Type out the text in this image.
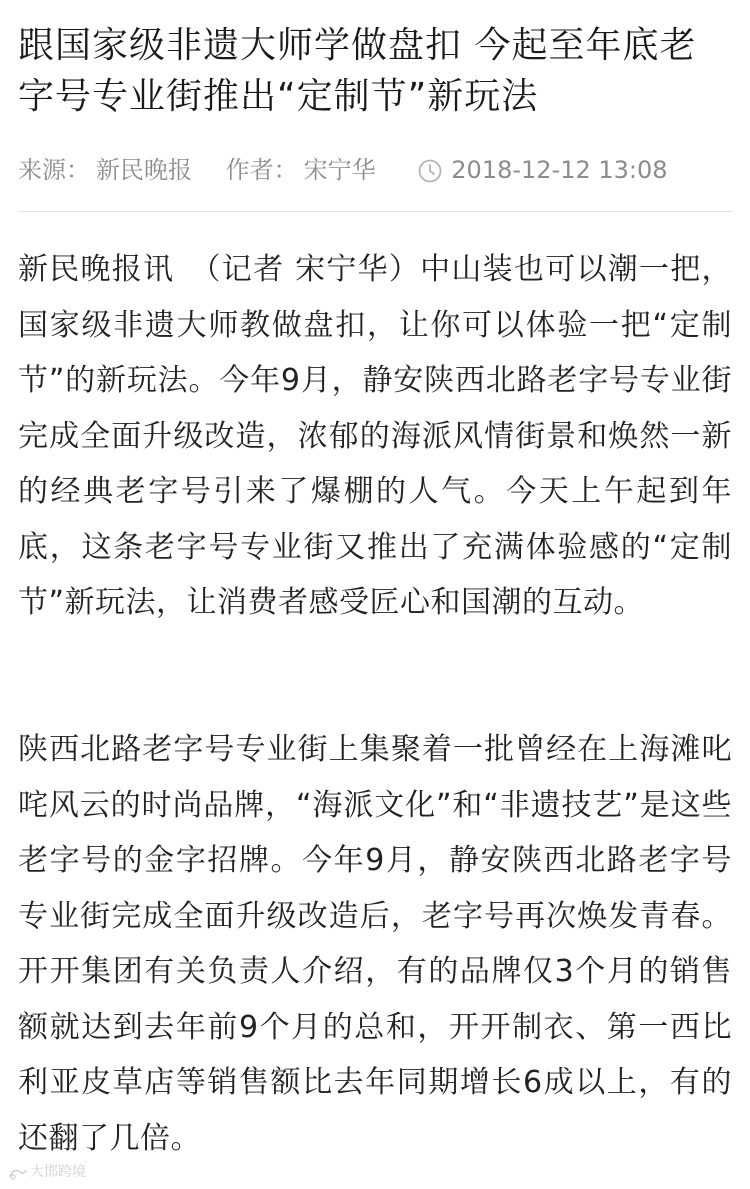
跟国家级非遗大师学做盘扣 今起至年底老字号专业街推出“定制节”新玩法
来源： 新民晚报 作者： 宋宁华	2018-12-12 13:08

新民晚报讯　（记者 宋宁华）中山装也可以潮一把，国家级非遗大师教做盘扣，让你可以体验一把“定制节”的新玩法。今年9月，静安陕西北路老字号专业街完成全面升级改造，浓郁的海派风情街景和焕然一新的经典老字号引来了爆棚的人气。今天上午起到年底，这条老字号专业街又推出了充满体验感的“定制节”新玩法，让消费者感受匠心和国潮的互动。

陕西北路老字号专业街上集聚着一批曾经在上海滩叱咤风云的时尚品牌，“海派文化”和“非遗技艺”是这些老字号的金字招牌。今年9月，静安陕西北路老字号专业街完成全面升级改造后，老字号再次焕发青春。开开集团有关负责人介绍，有的品牌仅3个月的销售额就达到去年前9个月的总和，开开制衣、第一西比利亚皮草店等销售额比去年同期增长6成以上，有的还翻了几倍。

大邯跨境
